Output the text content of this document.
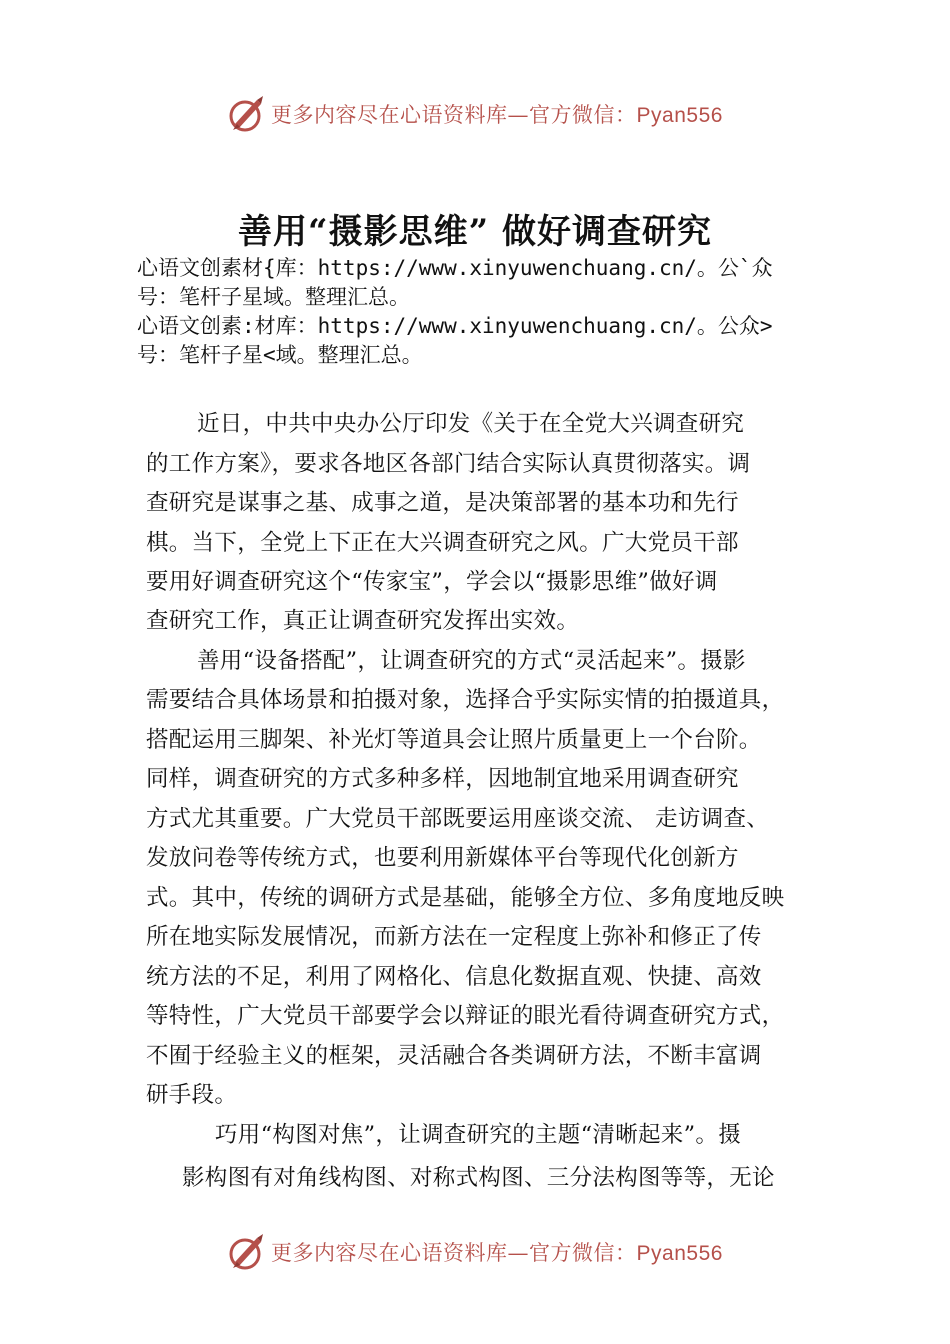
更多内容尽在心语资料库—官方微信：Pyan556
善用“摄影思维” 做好调查研究
心语文创素材{库：https://www.xinyuwenchuang.cn/。公`众
号：笔杆子星域。整理汇总。
心语文创素:材库：https://www.xinyuwenchuang.cn/。公众>
号：笔杆子星<域。整理汇总。
近日，中共中央办公厅印发《关于在全党大兴调查研究
的工作方案》，要求各地区各部门结合实际认真贯彻落实。调
查研究是谋事之基、成事之道，是决策部署的基本功和先行
棋。当下，全党上下正在大兴调查研究之风。广大党员干部
要用好调查研究这个“传家宝”，学会以“摄影思维”做好调
查研究工作，真正让调查研究发挥出实效。
善用“设备搭配”，让调查研究的方式“灵活起来”。摄影
需要结合具体场景和拍摄对象，选择合乎实际实情的拍摄道具，
搭配运用三脚架、补光灯等道具会让照片质量更上一个台阶。
同样，调查研究的方式多种多样，因地制宜地采用调查研究
方式尤其重要。广大党员干部既要运用座谈交流、 走访调查、
发放问卷等传统方式，也要利用新媒体平台等现代化创新方
式。其中，传统的调研方式是基础，能够全方位、多角度地反映
所在地实际发展情况，而新方法在一定程度上弥补和修正了传
统方法的不足，利用了网格化、信息化数据直观、快捷、高效
等特性，广大党员干部要学会以辩证的眼光看待调查研究方式，
不囿于经验主义的框架，灵活融合各类调研方法，不断丰富调
研手段。
巧用“构图对焦”，让调查研究的主题“清晰起来”。摄
影构图有对角线构图、对称式构图、三分法构图等等，无论
更多内容尽在心语资料库—官方微信：Pyan556
